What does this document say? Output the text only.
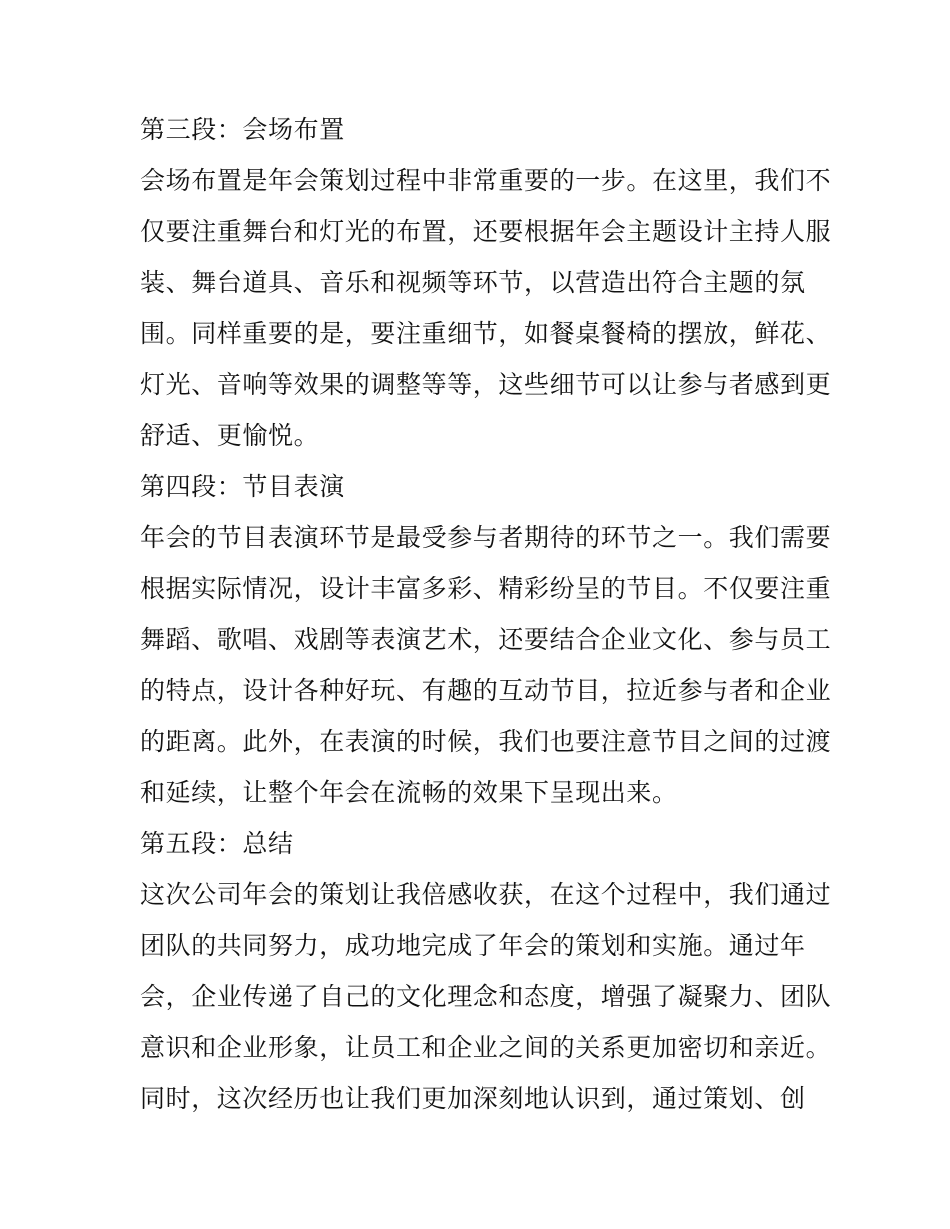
第三段：会场布置
会场布置是年会策划过程中非常重要的一步。在这里，我们不
仅要注重舞台和灯光的布置，还要根据年会主题设计主持人服
装、舞台道具、音乐和视频等环节，以营造出符合主题的氛
围。同样重要的是，要注重细节，如餐桌餐椅的摆放，鲜花、
灯光、音响等效果的调整等等，这些细节可以让参与者感到更
舒适、更愉悦。
第四段：节目表演
年会的节目表演环节是最受参与者期待的环节之一。我们需要
根据实际情况，设计丰富多彩、精彩纷呈的节目。不仅要注重
舞蹈、歌唱、戏剧等表演艺术，还要结合企业文化、参与员工
的特点，设计各种好玩、有趣的互动节目，拉近参与者和企业
的距离。此外，在表演的时候，我们也要注意节目之间的过渡
和延续，让整个年会在流畅的效果下呈现出来。
第五段：总结
这次公司年会的策划让我倍感收获，在这个过程中，我们通过
团队的共同努力，成功地完成了年会的策划和实施。通过年
会，企业传递了自己的文化理念和态度，增强了凝聚力、团队
意识和企业形象，让员工和企业之间的关系更加密切和亲近。
同时，这次经历也让我们更加深刻地认识到，通过策划、创
